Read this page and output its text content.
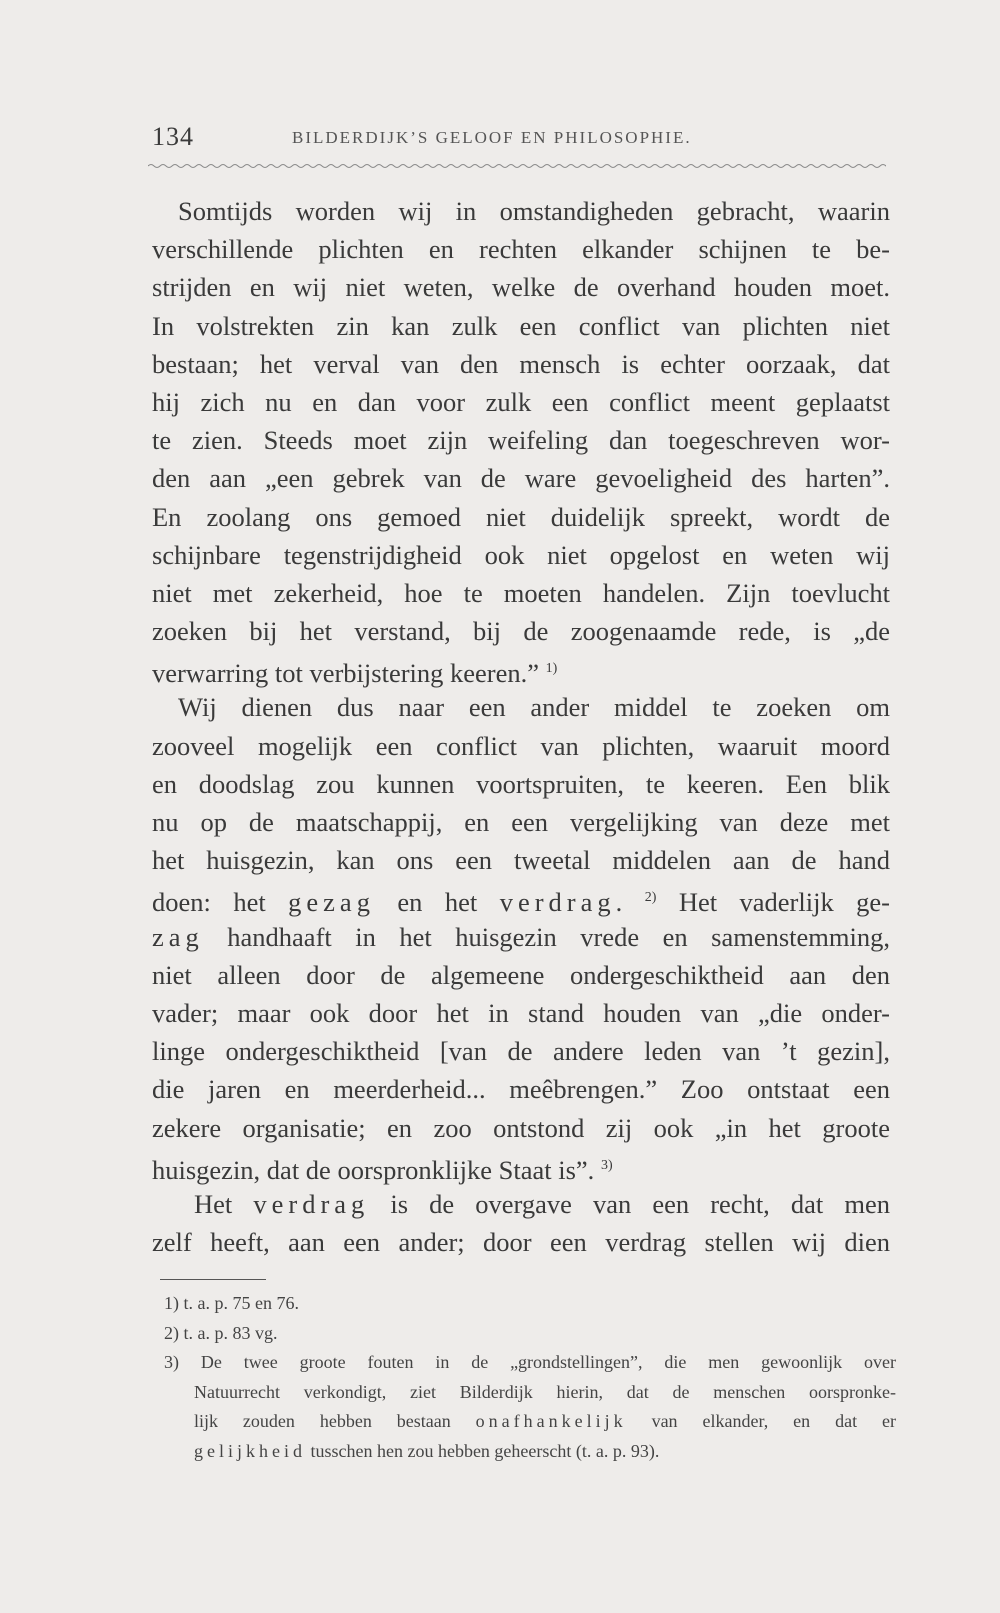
134	BILDERDIJK’S GELOOF EN PHILOSOPHIE.
Somtijds worden wij in omstandigheden gebracht, waarin
verschillende plichten en rechten elkander schijnen te be-
strijden en wij niet weten, welke de overhand houden moet.
In volstrekten zin kan zulk een conflict van plichten niet
bestaan; het verval van den mensch is echter oorzaak, dat
hij zich nu en dan voor zulk een conflict meent geplaatst
te zien. Steeds moet zijn weifeling dan toegeschreven wor-
den aan „een gebrek van de ware gevoeligheid des harten”.
En zoolang ons gemoed niet duidelijk spreekt, wordt de
schijnbare tegenstrijdigheid ook niet opgelost en weten wij
niet met zekerheid, hoe te moeten handelen. Zijn toevlucht
zoeken bij het verstand, bij de zoogenaamde rede, is „de
verwarring tot verbijstering keeren.” $^{1)}$
Wij dienen dus naar een ander middel te zoeken om
zooveel mogelijk een conflict van plichten, waaruit moord
en doodslag zou kunnen voortspruiten, te keeren. Een blik
nu op de maatschappij, en een vergelijking van deze met
het huisgezin, kan ons een tweetal middelen aan de hand
doen: het gezag en het verdrag. $^{2)}$ Het vaderlijk ge-
zag handhaaft in het huisgezin vrede en samenstemming,
niet alleen door de algemeene ondergeschiktheid aan den
vader; maar ook door het in stand houden van „die onder-
linge ondergeschiktheid [van de andere leden van ’t gezin],
die jaren en meerderheid... meêbrengen.” Zoo ontstaat een
zekere organisatie; en zoo ontstond zij ook „in het groote
huisgezin, dat de oorspronklijke Staat is”. $^{3)}$
Het verdrag is de overgave van een recht, dat men
zelf heeft, aan een ander; door een verdrag stellen wij dien
1) t. a. p. 75 en 76.
2) t. a. p. 83 vg.
3) De twee groote fouten in de „grondstellingen”, die men gewoonlijk over
Natuurrecht verkondigt, ziet Bilderdijk hierin, dat de menschen oorspronke-
lijk zouden hebben bestaan onafhankelijk van elkander, en dat er
gelijkheid tusschen hen zou hebben geheerscht (t. a. p. 93).
